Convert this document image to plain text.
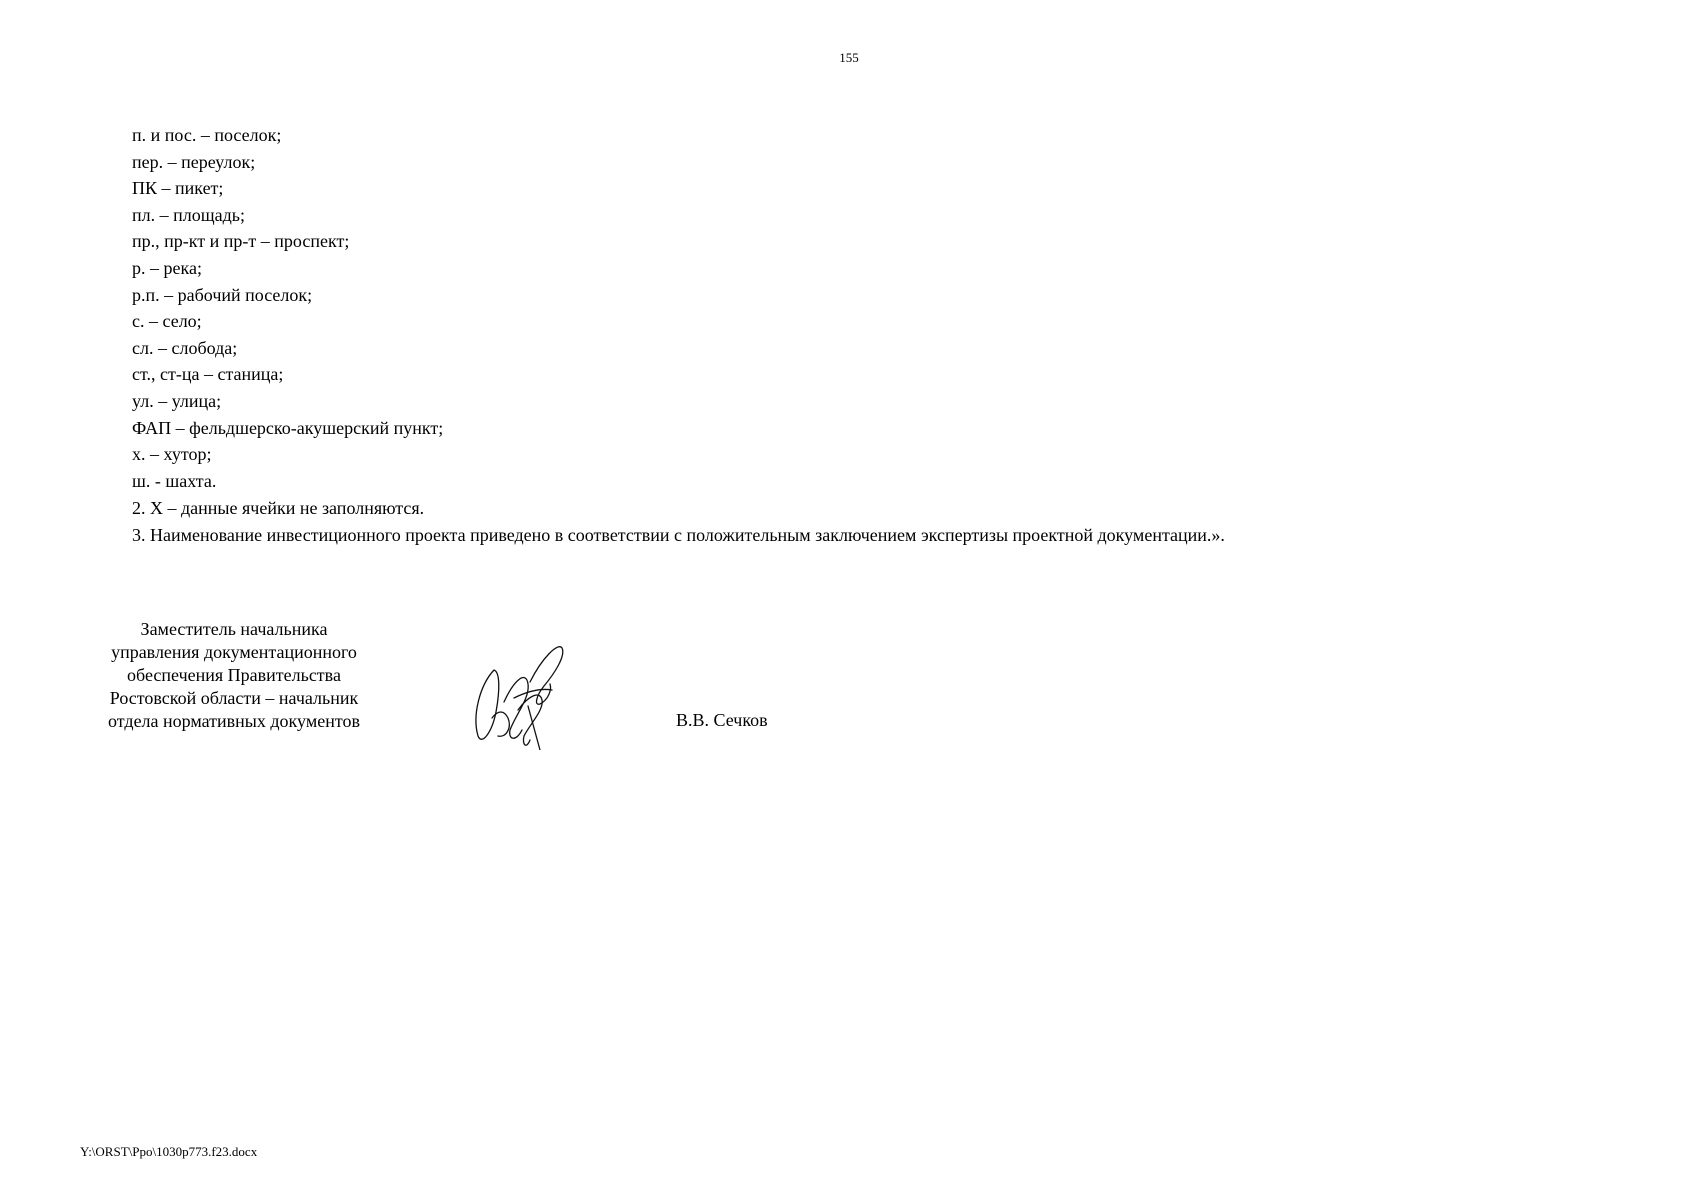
155
п. и пос. – поселок;
пер. – переулок;
ПК – пикет;
пл. – площадь;
пр., пр-кт и пр-т – проспект;
р. – река;
р.п. – рабочий поселок;
с. – село;
сл. – слобода;
ст., ст-ца – станица;
ул. – улица;
ФАП – фельдшерско-акушерский пункт;
х. – хутор;
ш. - шахта.

2. Х – данные ячейки не заполняются.

3. Наименование инвестиционного проекта приведено в соответствии с положительным заключением экспертизы проектной документации.».

Заместитель начальника
управления документационного
обеспечения Правительства
Ростовской области – начальник
отдела нормативных документов	В.В. Сечков
Y:\ORST\Ppo\1030p773.f23.docx
